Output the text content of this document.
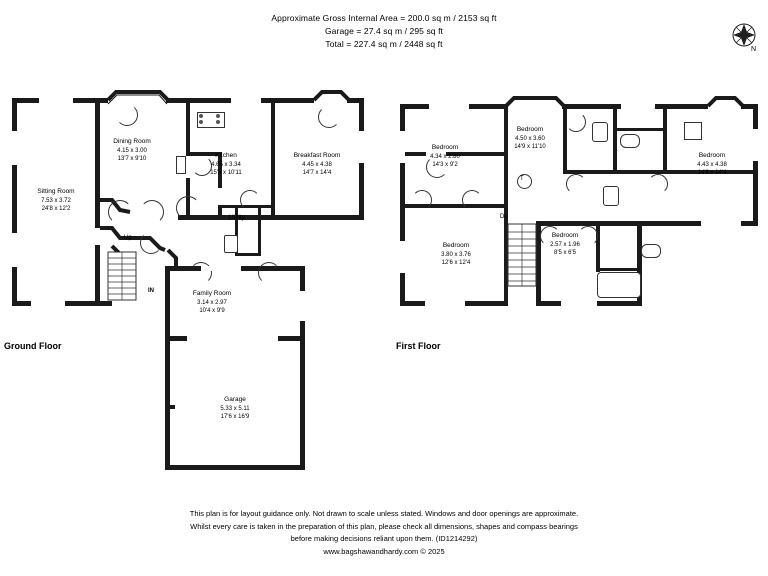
Approximate Gross Internal Area = 200.0 sq m / 2153 sq ft
Garage = 27.4 sq m / 295 sq ft
Total = 227.4 sq m / 2448 sq ft
N
Dining Room
4.15 x 3.00
13'7 x 9'10	Kitchen
4.65 x 3.34
15'3 x 10'11
Breakfast Room
4.45 x 4.38
14'7 x 14'4
Sitting Room
7.53 x 3.72
24'8 x 12'2
Utility
Family Room
3.14 x 2.97
10'4 x 9'9
Garage
5.33 x 5.11
17'6 x 16'9
Up
IN
Bedroom
4.50 x 3.60
14'9 x 11'10
Bedroom
4.34 x 2.80
14'3 x 9'2
Bedroom
4.43 x 4.38
14'6 x 14'4
Bedroom
3.80 x 3.76
12'6 x 12'4
Bedroom
2.57 x 1.96
8'5 x 6'5
T
Dn
Ground Floor	First Floor
This plan is for layout guidance only. Not drawn to scale unless stated. Windows and door openings are approximate.
Whilst every care is taken in the preparation of this plan, please check all dimensions, shapes and compass bearings
before making decisions reliant upon them. (ID1214292)
www.bagshawandhardy.com © 2025
